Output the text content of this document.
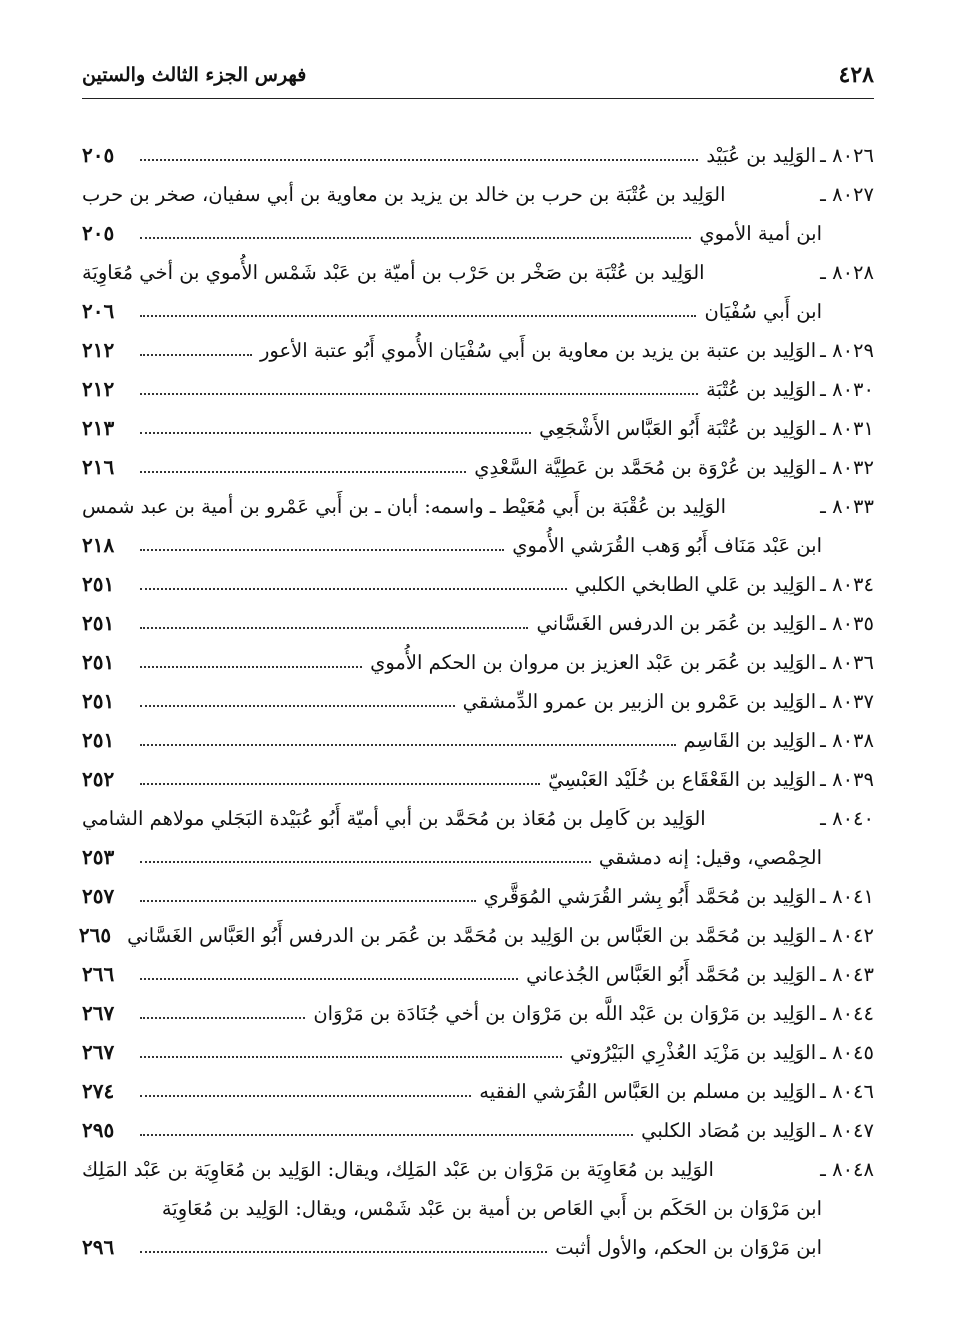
٤٢٨
فهرس الجزء الثالث والستين
٨٠٢٦ ـ
الوَلِيد بن عُبَيْد
٢٠٥
٨٠٢٧ ـ
الوَلِيد بن عُتْبَة بن حرب بن خالد بن يزيد بن معاوية بن أبي سفيان، صخر بن حرب
ابن أمية الأموي
٢٠٥
٨٠٢٨ ـ
الوَلِيد بن عُتْبَة بن صَخْر بن حَرْب بن أميّة بن عَبْد شَمْس الأُموي بن أخي مُعَاوِيَة
ابن أَبي سُفْيَان
٢٠٦
٨٠٢٩ ـ
الوَلِيد بن عتبة بن يزيد بن معاوية بن أَبي سُفْيَان الأُموي أَبُو عتبة الأعور
٢١٢
٨٠٣٠ ـ
الوَلِيد بن عُتْبَة
٢١٢
٨٠٣١ ـ
الوَلِيد بن عُتْبَة أَبُو العَبَّاس الأَشْجَعِي
٢١٣
٨٠٣٢ ـ
الوَلِيد بن عُرْوَة بن مُحَمَّد بن عَطِيَّة السَّعْدِي
٢١٦
٨٠٣٣ ـ
الوَلِيد بن عُقْبَة بن أَبي مُعَيْط ـ واسمه: أبان ـ بن أَبي عَمْرو بن أمية بن عبد شمس
ابن عَبْد مَنَاف أَبُو وَهب القُرَشي الأُموي
٢١٨
٨٠٣٤ ـ
الوَلِيد بن عَلي الطابخي الكلبي
٢٥١
٨٠٣٥ ـ
الوَلِيد بن عُمَر بن الدرفس الغَسَّاني
٢٥١
٨٠٣٦ ـ
الوَلِيد بن عُمَر بن عَبْد العزيز بن مروان بن الحكم الأُموي
٢٥١
٨٠٣٧ ـ
الوَلِيد بن عَمْرو بن الزبير بن عمرو الدِّمشقي
٢٥١
٨٠٣٨ ـ
الوَلِيد بن القَاسِم
٢٥١
٨٠٣٩ ـ
الوَلِيد بن القَعْقَاع بن خُلَيْد العَبْسِيّ
٢٥٢
٨٠٤٠ ـ
الوَلِيد بن كَامِل بن مُعَاذ بن مُحَمَّد بن أبي أميّة أَبُو عُبَيْدة البَجَلي مولاهم الشامي
الحِمْصي، وقيل: إنه دمشقي
٢٥٣
٨٠٤١ ـ
الوَلِيد بن مُحَمَّد أَبُو بِشر القُرَشي المُوَقَّري
٢٥٧
٨٠٤٢ ـ
الوَلِيد بن مُحَمَّد بن العَبَّاس بن الوَلِيد بن مُحَمَّد بن عُمَر بن الدرفس أَبُو العَبَّاس الغَسَّاني
٢٦٥
٨٠٤٣ ـ
الوَلِيد بن مُحَمَّد أَبُو العَبَّاس الجُذعاني
٢٦٦
٨٠٤٤ ـ
الوَلِيد بن مَرْوَان بن عَبْد اللَّه بن مَرْوَان بن أخي جُنَادَة بن مَرْوَان
٢٦٧
٨٠٤٥ ـ
الوَلِيد بن مَزْيَد العُذْرِي البَيْرُوتي
٢٦٧
٨٠٤٦ ـ
الوَلِيد بن مسلم بن العَبَّاس القُرَشي الفقيه
٢٧٤
٨٠٤٧ ـ
الوَلِيد بن مُصَاد الكلبي
٢٩٥
٨٠٤٨ ـ
الوَلِيد بن مُعَاوِيَة بن مَرْوَان بن عَبْد المَلِك، ويقال: الوَلِيد بن مُعَاوِيَة بن عَبْد المَلِك
ابن مَرْوَان بن الحَكَم بن أَبي العَاص بن أمية بن عَبْد شَمْس، ويقال: الوَلِيد بن مُعَاوِيَة
ابن مَرْوَان بن الحكم، والأول أثبت
٢٩٦
